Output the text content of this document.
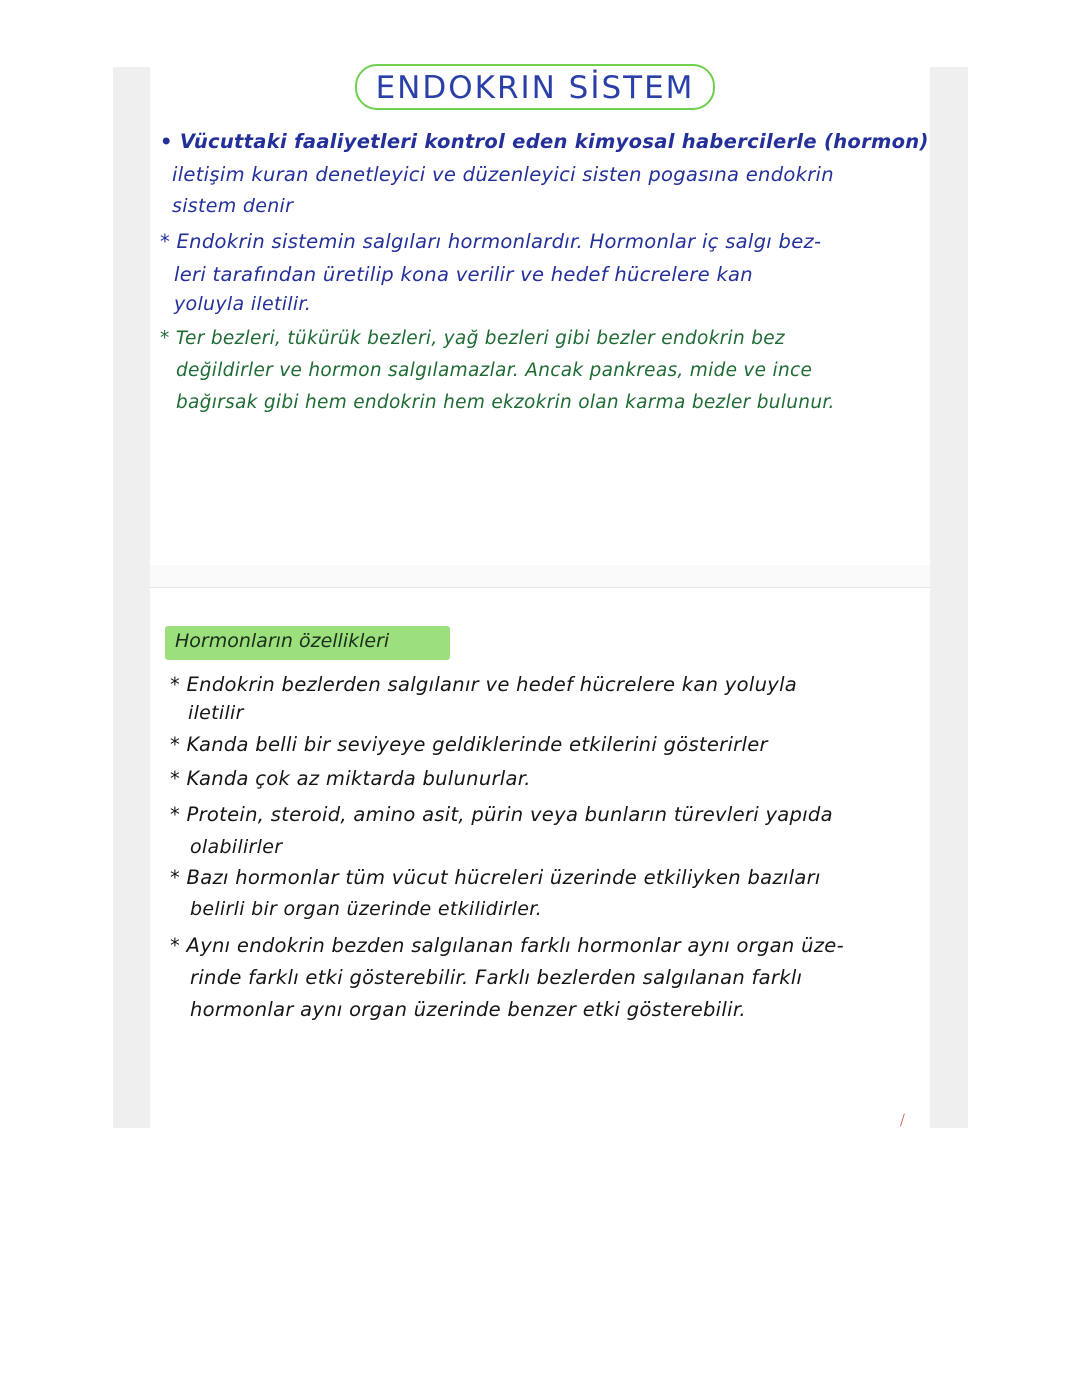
ENDOKRIN SİSTEM
• Vücuttaki faaliyetleri kontrol eden kimyosal habercilerle (hormon)
iletişim kuran denetleyici ve düzenleyici sisten pogasına endokrin
sistem denir
* Endokrin sistemin salgıları hormonlardır. Hormonlar iç salgı bez-
leri tarafından üretilip kona verilir ve hedef hücrelere kan
yoluyla iletilir.
* Ter bezleri, tükürük bezleri, yağ bezleri gibi bezler endokrin bez
değildirler ve hormon salgılamazlar. Ancak pankreas, mide ve ince
bağırsak gibi hem endokrin hem ekzokrin olan karma bezler bulunur.
Hormonların özellikleri
* Endokrin bezlerden salgılanır ve hedef hücrelere kan yoluyla
iletilir
* Kanda belli bir seviyeye geldiklerinde etkilerini gösterirler
* Kanda çok az miktarda bulunurlar.
* Protein, steroid, amino asit, pürin veya bunların türevleri yapıda
olabilirler
* Bazı hormonlar tüm vücut hücreleri üzerinde etkiliyken bazıları
belirli bir organ üzerinde etkilidirler.
* Aynı endokrin bezden salgılanan farklı hormonlar aynı organ üze-
rinde farklı etki gösterebilir. Farklı bezlerden salgılanan farklı
hormonlar aynı organ üzerinde benzer etki gösterebilir.
⧸
